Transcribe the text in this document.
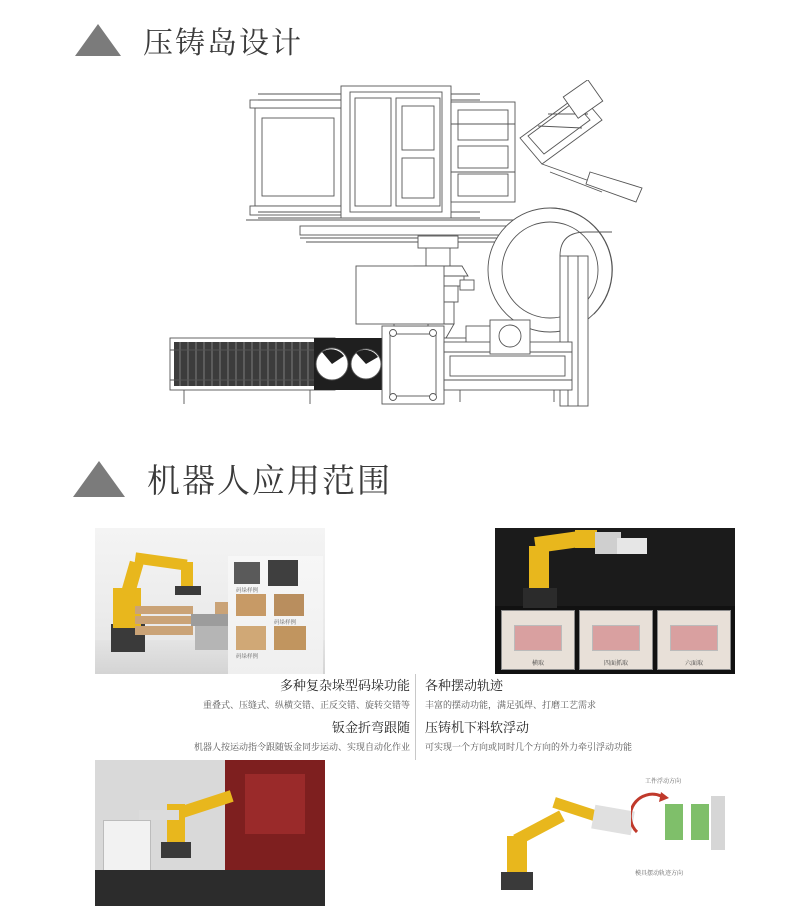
压铸岛设计
机器人应用范围
码垛样例
码垛样例
码垛样例
横取	四面抓取	六面取
工件浮动方向
模具摆动轨迹方向
多种复杂垛型码垛功能
重叠式、压缝式、纵横交错、正反交错、旋转交错等
各种摆动轨迹
丰富的摆动功能，满足弧焊、打磨工艺需求
钣金折弯跟随
机器人按运动指令跟随钣金同步运动、实现自动化作业
压铸机下料软浮动
可实现一个方向或同时几个方向的外力牵引浮动功能
